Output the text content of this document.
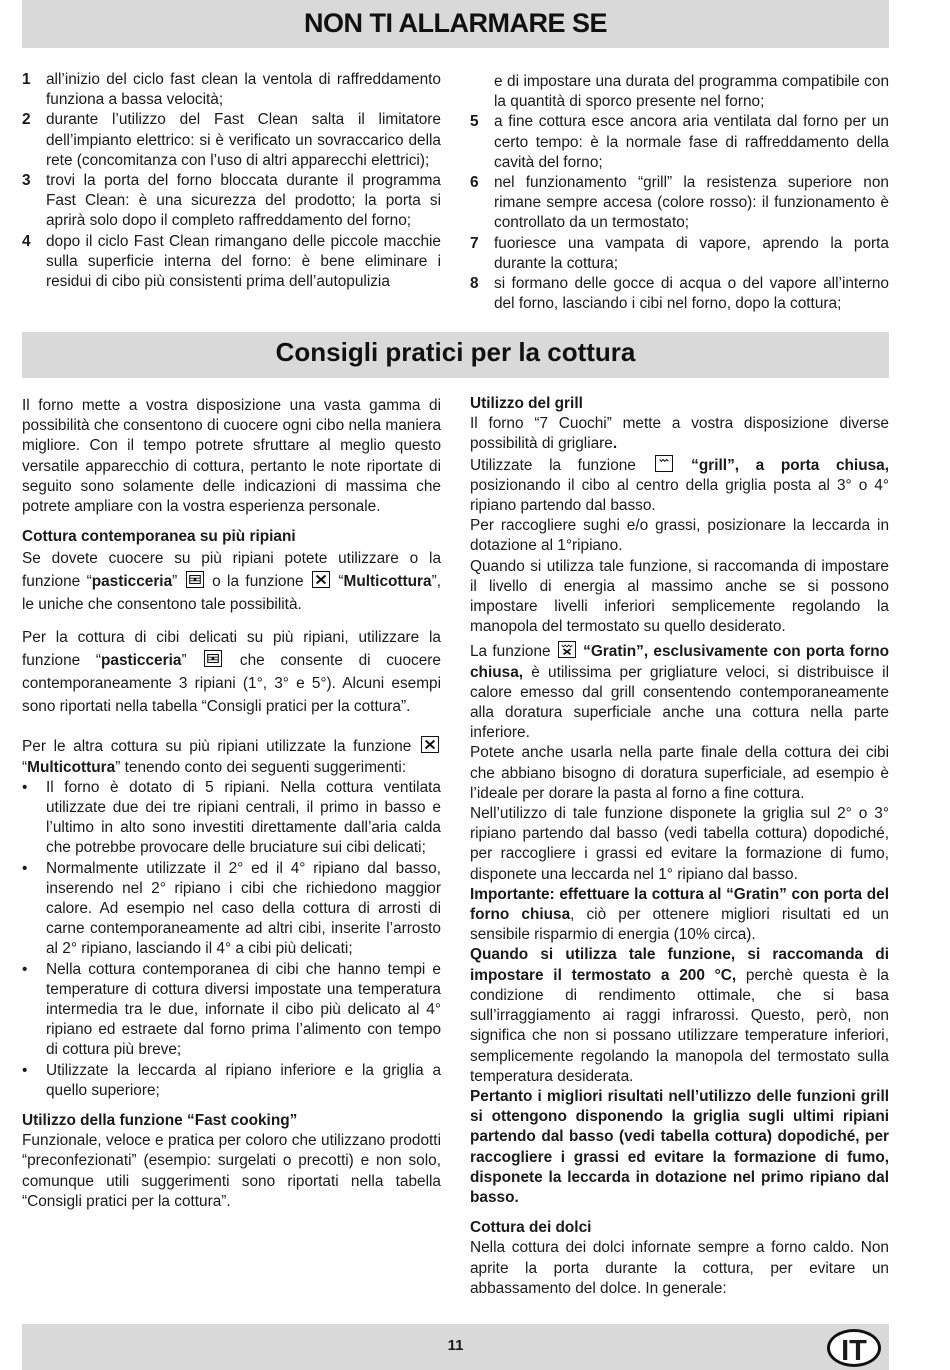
NON TI ALLARMARE SE
1	all’inizio del ciclo fast clean la ventola di raffreddamento funziona a bassa velocità;
2	durante l’utilizzo del Fast Clean salta il limitatore dell’impianto elettrico: si è verificato un sovraccarico della rete (concomitanza con l’uso di altri apparecchi elettrici);
3	trovi la porta del forno bloccata durante il programma Fast Clean: è una sicurezza del prodotto; la porta si aprirà solo dopo il completo raffreddamento del forno;
4	dopo il ciclo Fast Clean rimangano delle piccole macchie sulla superficie interna del forno: è bene eliminare i residui di cibo più consistenti prima dell’autopulizia
e di impostare una durata del programma compatibile con la quantità di sporco presente nel forno;
5	a fine cottura esce ancora aria ventilata dal forno per un certo tempo: è la normale fase di raffreddamento della cavità del forno;
6	nel funzionamento “grill” la resistenza superiore non rimane sempre accesa (colore rosso): il funzionamento è controllato da un termostato;
7	fuoriesce una vampata di vapore, aprendo la porta durante la cottura;
8	si formano delle gocce di acqua o del vapore all’interno del forno, lasciando i cibi nel forno, dopo la cottura;
Consigli pratici per la cottura

Il forno mette a vostra disposizione una vasta gamma di possibilità che consentono di cuocere ogni cibo nella maniera migliore. Con il tempo potrete sfruttare al meglio questo versatile apparecchio di cottura, pertanto le note riportate di seguito sono solamente delle indicazioni di massima che potrete ampliare con la vostra esperienza personale.

Cottura contemporanea su più ripiani

Se dovete cuocere su più ripiani potete utilizzare o la funzione “pasticceria”
o la funzione
“Multicottura”, le uniche che consentono tale possibilità.

Per la cottura di cibi delicati su più ripiani, utilizzare la funzione “pasticceria”
che consente di cuocere contemporaneamente 3 ripiani (1°, 3° e 5°). Alcuni esempi sono riportati nella tabella “Consigli pratici per la cottura”.

Per le altra cottura su più ripiani utilizzate la funzione
“Multicottura” tenendo conto dei seguenti suggerimenti:

•	Il forno è dotato di 5 ripiani. Nella cottura ventilata utilizzate due dei tre ripiani centrali, il primo in basso e l’ultimo in alto sono investiti direttamente dall’aria calda che potrebbe provocare delle bruciature sui cibi delicati;
•	Normalmente utilizzate il 2° ed il 4° ripiano dal basso, inserendo nel 2° ripiano i cibi che richiedono maggior calore. Ad esempio nel caso della cottura di arrosti di carne contemporaneamente ad altri cibi, inserite l’arrosto al 2° ripiano, lasciando il 4° a cibi più delicati;
•	Nella cottura contemporanea di cibi che hanno tempi e temperature di cottura diversi impostate una temperatura intermedia tra le due, infornate il cibo più delicato al 4° ripiano ed estraete dal forno prima l’alimento con tempo di cottura più breve;
•	Utilizzate la leccarda al ripiano inferiore e la griglia a quello superiore;
Utilizzo della funzione “Fast cooking”

Funzionale, veloce e pratica per coloro che utilizzano prodotti “preconfezionati” (esempio: surgelati o precotti) e non solo, comunque utili suggerimenti sono riportati nella tabella “Consigli pratici per la cottura”.

Utilizzo del grill

Il forno “7 Cuochi” mette a vostra disposizione diverse possibilità di grigliare.

Utilizzate la funzione
“grill”, a porta chiusa, posizionando il cibo al centro della griglia posta al 3° o 4° ripiano partendo dal basso.

Per raccogliere sughi e/o grassi, posizionare la leccarda in dotazione al 1°ripiano.

Quando si utilizza tale funzione, si raccomanda di impostare il livello di energia al massimo anche se si possono impostare livelli inferiori semplicemente regolando la manopola del termostato su quello desiderato.

La funzione
“Gratin”, esclusivamente con porta forno chiusa, è utilissima per grigliature veloci, si distribuisce il calore emesso dal grill consentendo contemporaneamente alla doratura superficiale anche una cottura nella parte inferiore.

Potete anche usarla nella parte finale della cottura dei cibi che abbiano bisogno di doratura superficiale, ad esempio è l’ideale per dorare la pasta al forno a fine cottura.

Nell’utilizzo di tale funzione disponete la griglia sul 2° o 3° ripiano partendo dal basso (vedi tabella cottura) dopodiché, per raccogliere i grassi ed evitare la formazione di fumo, disponete una leccarda nel 1° ripiano dal basso.

Importante: effettuare la cottura al “Gratin” con porta del forno chiusa, ciò per ottenere migliori risultati ed un sensibile risparmio di energia (10% circa).

Quando si utilizza tale funzione, si raccomanda di impostare il termostato a 200 °C, perchè questa è la condizione di rendimento ottimale, che si basa sull’irraggiamento ai raggi infrarossi. Questo, però, non significa che non si possano utilizzare temperature inferiori, semplicemente regolando la manopola del termostato sulla temperatura desiderata.

Pertanto i migliori risultati nell’utilizzo delle funzioni grill si ottengono disponendo la griglia sugli ultimi ripiani partendo dal basso (vedi tabella cottura) dopodiché, per raccogliere i grassi ed evitare la formazione di fumo, disponete la leccarda in dotazione nel primo ripiano dal basso.

Cottura dei dolci

Nella cottura dei dolci infornate sempre a forno caldo. Non aprite la porta durante la cottura, per evitare un abbassamento del dolce. In generale:

11	IT
